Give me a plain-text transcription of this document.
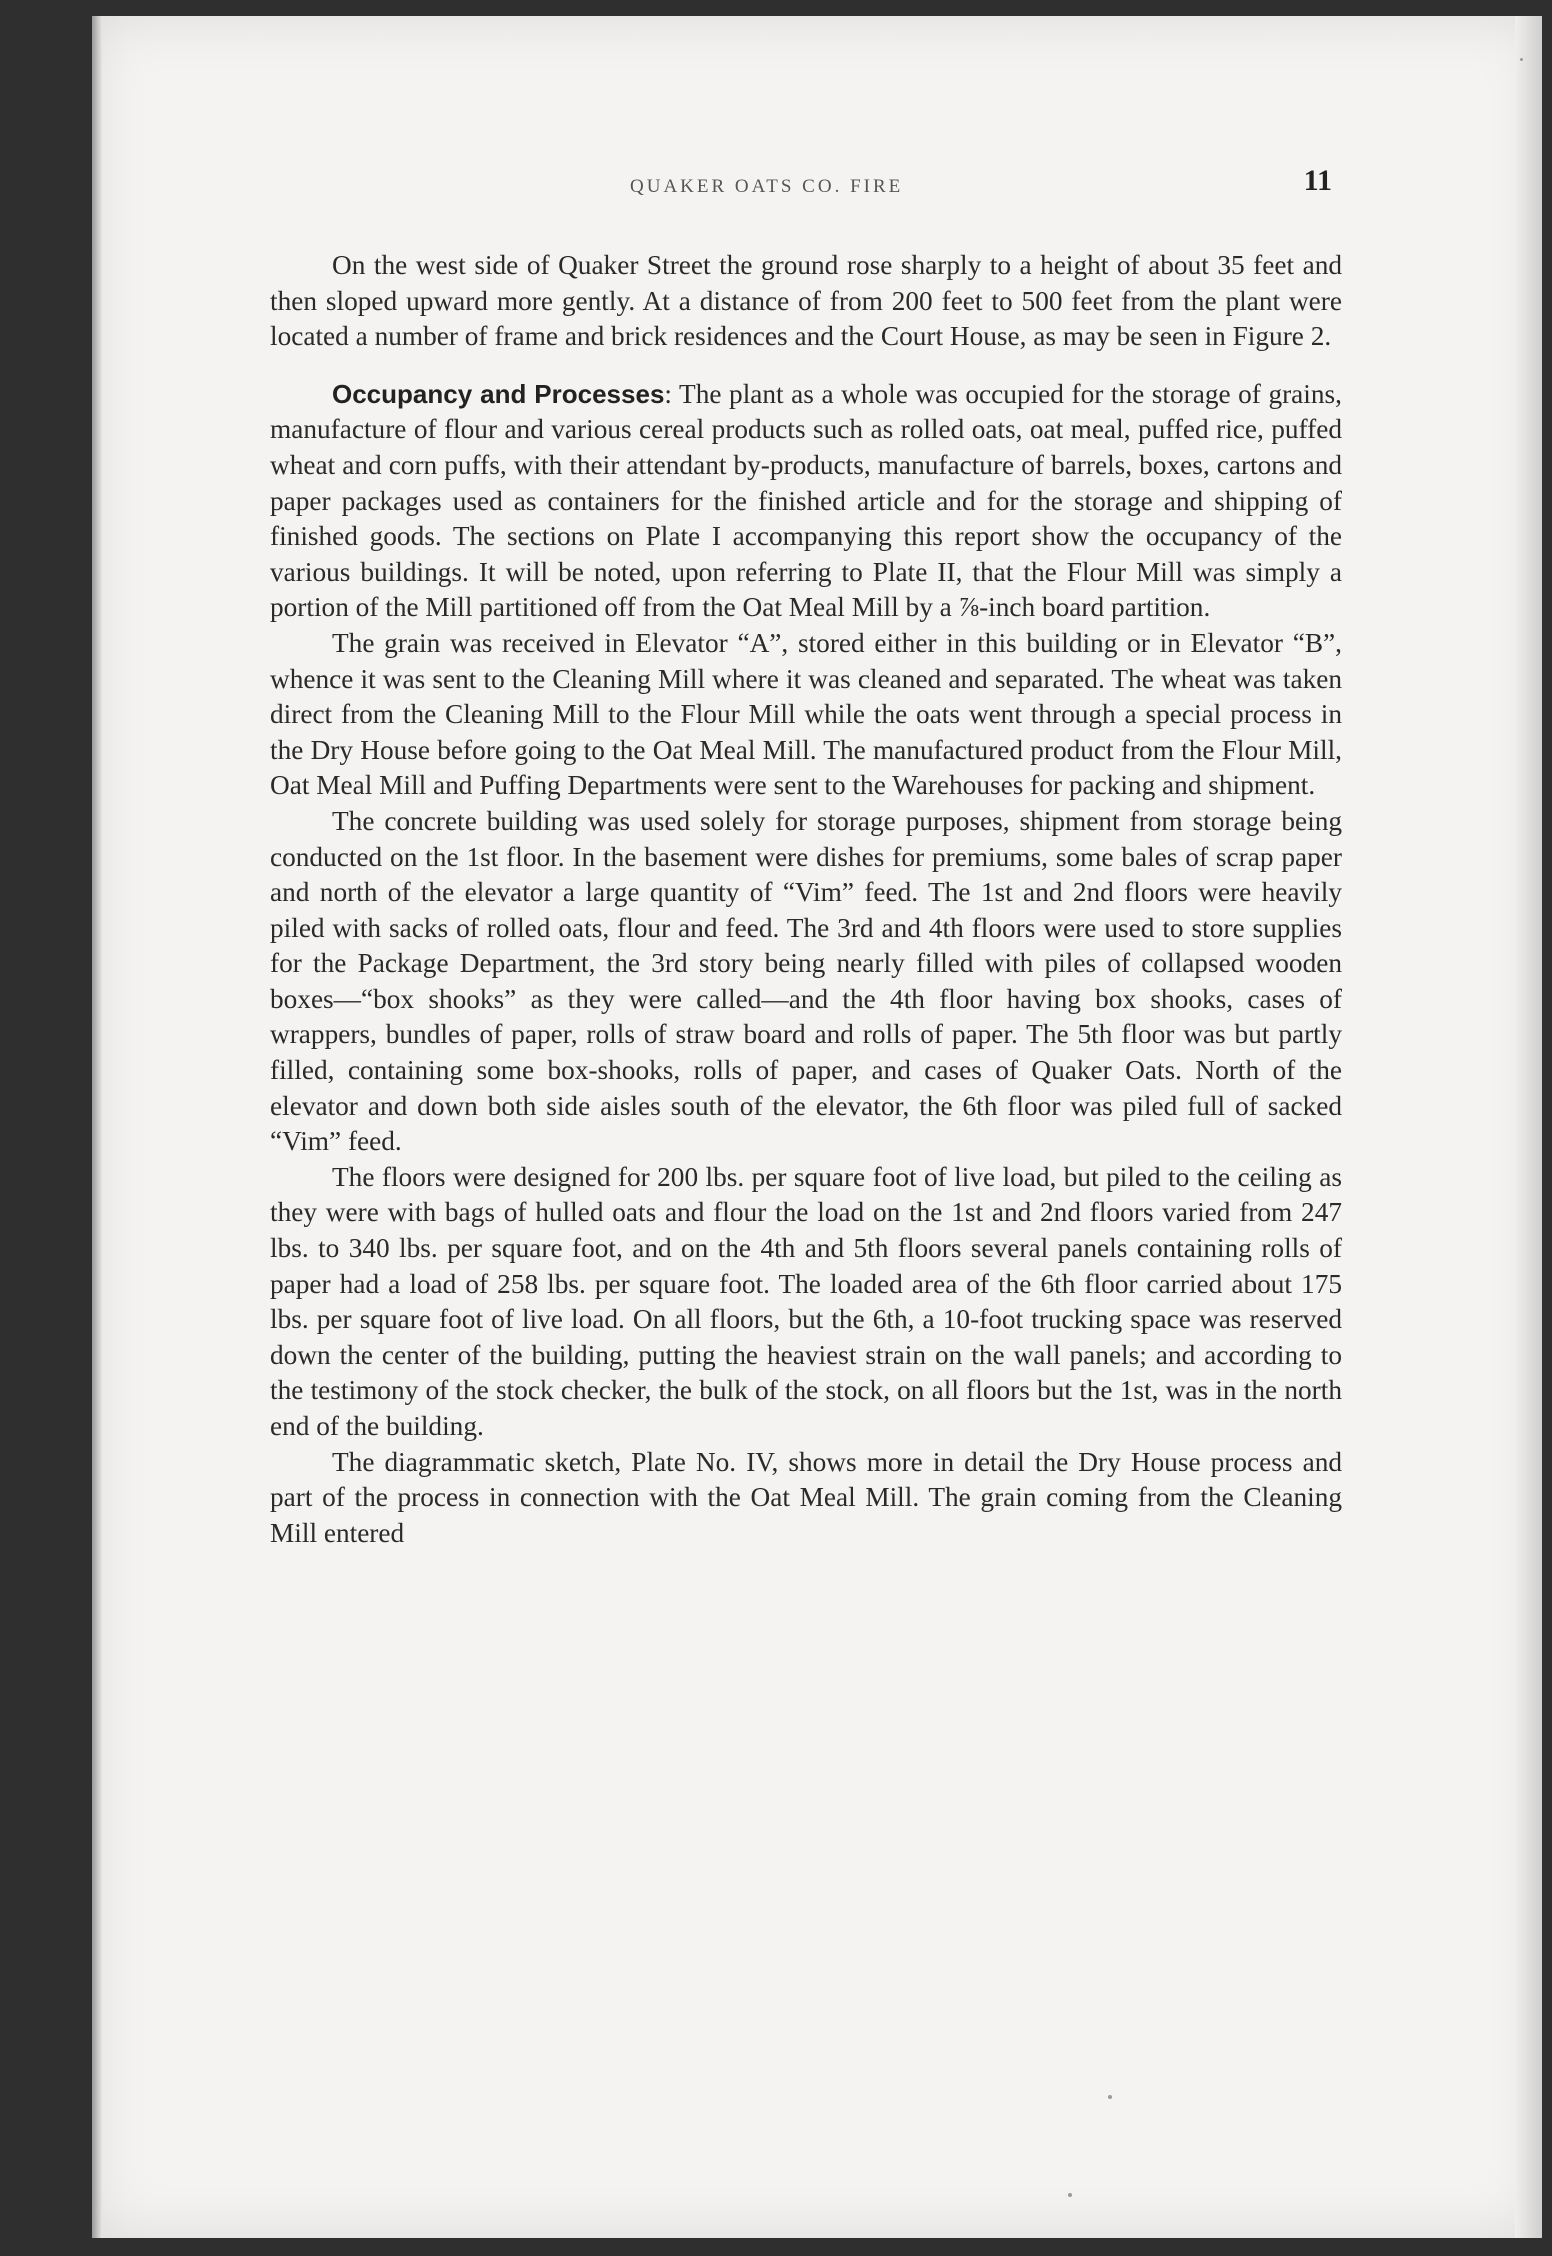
QUAKER OATS CO. FIRE	11

On the west side of Quaker Street the ground rose sharply to a height of about 35 feet and then sloped upward more gently. At a distance of from 200 feet to 500 feet from the plant were located a number of frame and brick residences and the Court House, as may be seen in Figure 2.

Occupancy and Processes: The plant as a whole was occupied for the storage of grains, manufacture of flour and various cereal products such as rolled oats, oat meal, puffed rice, puffed wheat and corn puffs, with their attendant by-products, manufacture of barrels, boxes, cartons and paper packages used as containers for the finished article and for the storage and shipping of finished goods. The sections on Plate I accompanying this report show the occupancy of the various buildings. It will be noted, upon referring to Plate II, that the Flour Mill was simply a portion of the Mill partitioned off from the Oat Meal Mill by a ⅞-inch board partition.

The grain was received in Elevator “A”, stored either in this building or in Elevator “B”, whence it was sent to the Cleaning Mill where it was cleaned and separated. The wheat was taken direct from the Cleaning Mill to the Flour Mill while the oats went through a special process in the Dry House before going to the Oat Meal Mill. The manufactured product from the Flour Mill, Oat Meal Mill and Puffing Departments were sent to the Warehouses for packing and shipment.

The concrete building was used solely for storage purposes, shipment from storage being conducted on the 1st floor. In the basement were dishes for premiums, some bales of scrap paper and north of the elevator a large quantity of “Vim” feed. The 1st and 2nd floors were heavily piled with sacks of rolled oats, flour and feed. The 3rd and 4th floors were used to store supplies for the Package Department, the 3rd story being nearly filled with piles of collapsed wooden boxes—“box shooks” as they were called—and the 4th floor having box shooks, cases of wrappers, bundles of paper, rolls of straw board and rolls of paper. The 5th floor was but partly filled, containing some box-shooks, rolls of paper, and cases of Quaker Oats. North of the elevator and down both side aisles south of the elevator, the 6th floor was piled full of sacked “Vim” feed.

The floors were designed for 200 lbs. per square foot of live load, but piled to the ceiling as they were with bags of hulled oats and flour the load on the 1st and 2nd floors varied from 247 lbs. to 340 lbs. per square foot, and on the 4th and 5th floors several panels containing rolls of paper had a load of 258 lbs. per square foot. The loaded area of the 6th floor carried about 175 lbs. per square foot of live load. On all floors, but the 6th, a 10-foot trucking space was reserved down the center of the building, putting the heaviest strain on the wall panels; and according to the testimony of the stock checker, the bulk of the stock, on all floors but the 1st, was in the north end of the building.

The diagrammatic sketch, Plate No. IV, shows more in detail the Dry House process and part of the process in connection with the Oat Meal Mill. The grain coming from the Cleaning Mill entered
